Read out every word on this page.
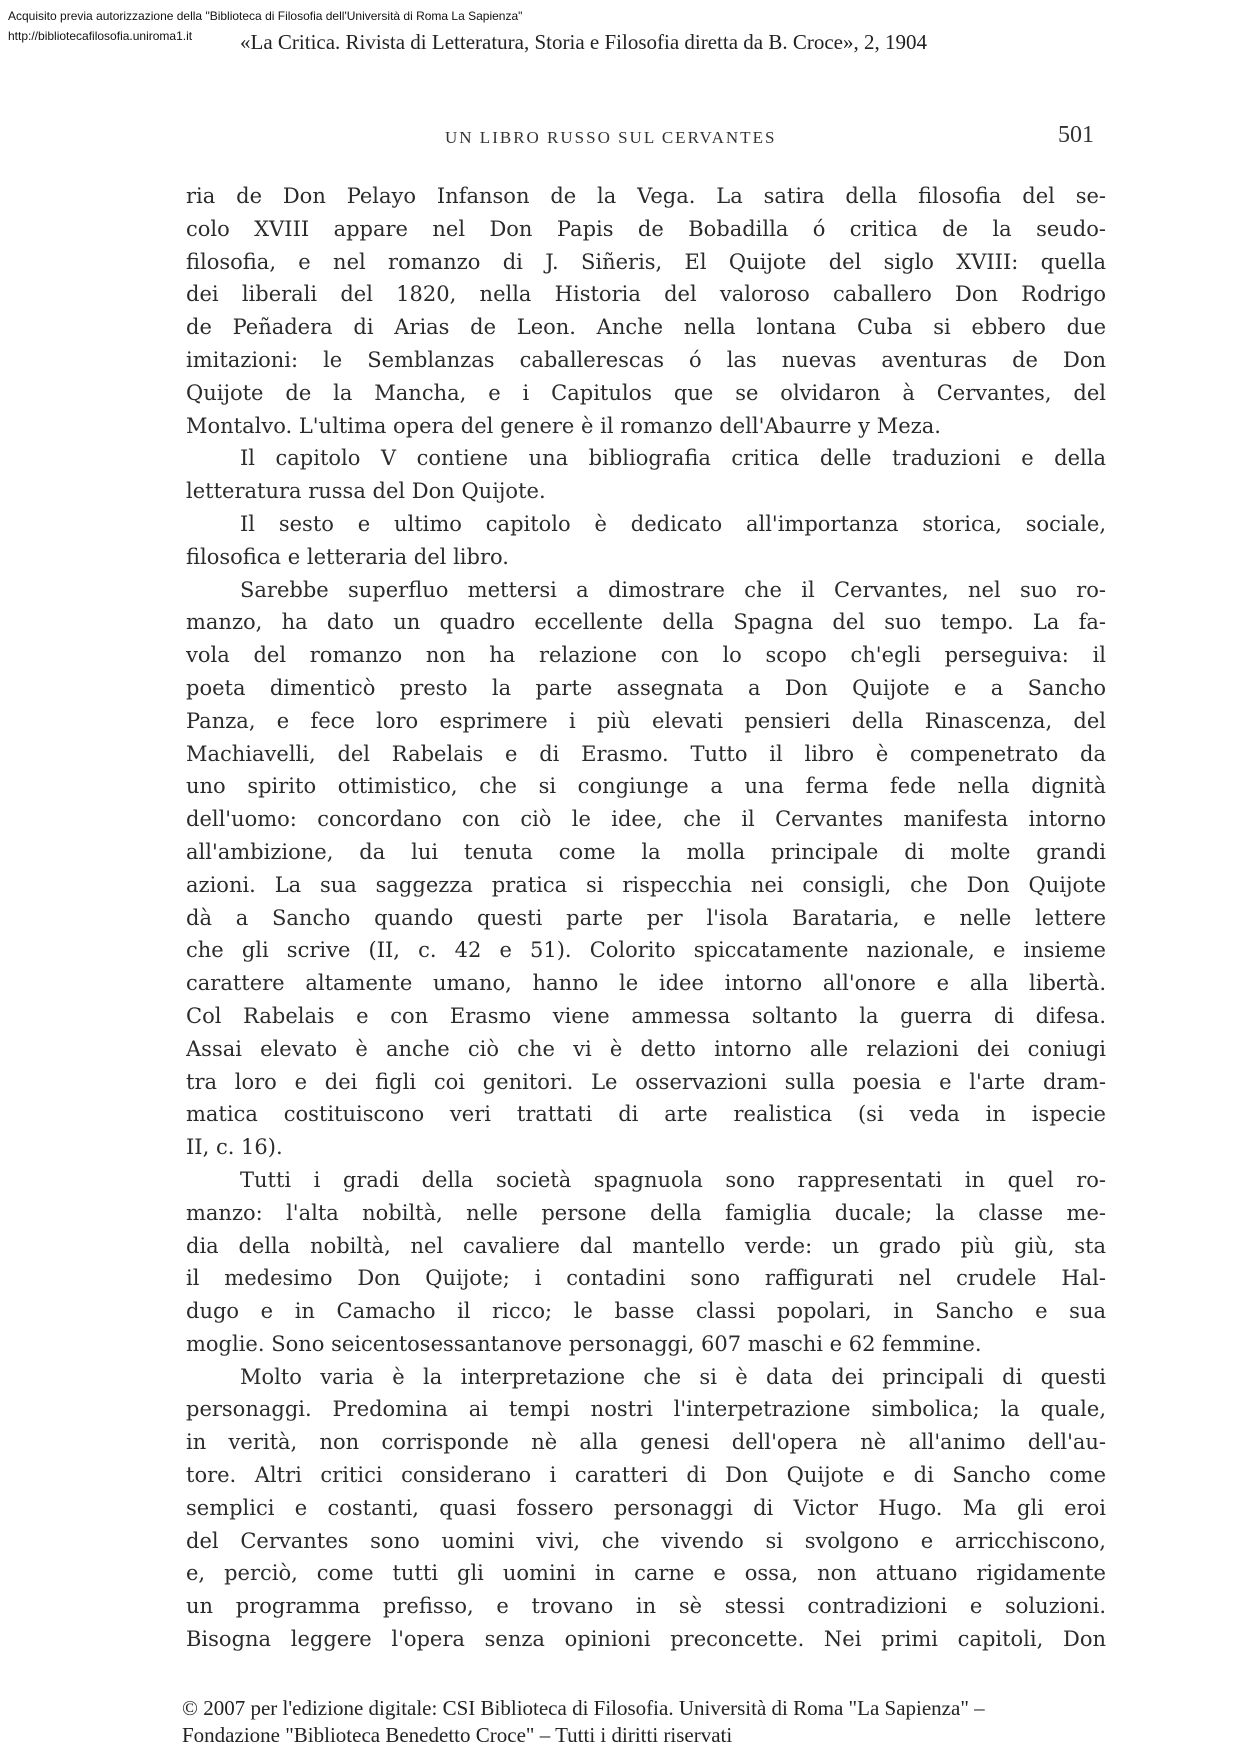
Acquisito previa autorizzazione della "Biblioteca di Filosofia dell'Università di Roma La Sapienza"
http://bibliotecafilosofia.uniroma1.it	«La Critica. Rivista di Letteratura, Storia e Filosofia diretta da B. Croce», 2, 1904
UN LIBRO RUSSO SUL CERVANTES	501
ria de Don Pelayo Infanson de la Vega. La satira della filosofia del se-
colo XVIII appare nel Don Papis de Bobadilla ó critica de la seudo-
filosofia, e nel romanzo di J. Siñeris, El Quijote del siglo XVIII: quella
dei liberali del 1820, nella Historia del valoroso caballero Don Rodrigo
de Peñadera di Arias de Leon. Anche nella lontana Cuba si ebbero due
imitazioni: le Semblanzas caballerescas ó las nuevas aventuras de Don
Quijote de la Mancha, e i Capitulos que se olvidaron à Cervantes, del
Montalvo. L'ultima opera del genere è il romanzo dell'Abaurre y Meza.
Il capitolo V contiene una bibliografia critica delle traduzioni e della
letteratura russa del Don Quijote.
Il sesto e ultimo capitolo è dedicato all'importanza storica, sociale,
filosofica e letteraria del libro.
Sarebbe superfluo mettersi a dimostrare che il Cervantes, nel suo ro-
manzo, ha dato un quadro eccellente della Spagna del suo tempo. La fa-
vola del romanzo non ha relazione con lo scopo ch'egli perseguiva: il
poeta dimenticò presto la parte assegnata a Don Quijote e a Sancho
Panza, e fece loro esprimere i più elevati pensieri della Rinascenza, del
Machiavelli, del Rabelais e di Erasmo. Tutto il libro è compenetrato da
uno spirito ottimistico, che si congiunge a una ferma fede nella dignità
dell'uomo: concordano con ciò le idee, che il Cervantes manifesta intorno
all'ambizione, da lui tenuta come la molla principale di molte grandi
azioni. La sua saggezza pratica si rispecchia nei consigli, che Don Quijote
dà a Sancho quando questi parte per l'isola Barataria, e nelle lettere
che gli scrive (II, c. 42 e 51). Colorito spiccatamente nazionale, e insieme
carattere altamente umano, hanno le idee intorno all'onore e alla libertà.
Col Rabelais e con Erasmo viene ammessa soltanto la guerra di difesa.
Assai elevato è anche ciò che vi è detto intorno alle relazioni dei coniugi
tra loro e dei figli coi genitori. Le osservazioni sulla poesia e l'arte dram-
matica costituiscono veri trattati di arte realistica (si veda in ispecie
II, c. 16).
Tutti i gradi della società spagnuola sono rappresentati in quel ro-
manzo: l'alta nobiltà, nelle persone della famiglia ducale; la classe me-
dia della nobiltà, nel cavaliere dal mantello verde: un grado più giù, sta
il medesimo Don Quijote; i contadini sono raffigurati nel crudele Hal-
dugo e in Camacho il ricco; le basse classi popolari, in Sancho e sua
moglie. Sono seicentosessantanove personaggi, 607 maschi e 62 femmine.
Molto varia è la interpretazione che si è data dei principali di questi
personaggi. Predomina ai tempi nostri l'interpetrazione simbolica; la quale,
in verità, non corrisponde nè alla genesi dell'opera nè all'animo dell'au-
tore. Altri critici considerano i caratteri di Don Quijote e di Sancho come
semplici e costanti, quasi fossero personaggi di Victor Hugo. Ma gli eroi
del Cervantes sono uomini vivi, che vivendo si svolgono e arricchiscono,
e, perciò, come tutti gli uomini in carne e ossa, non attuano rigidamente
un programma prefisso, e trovano in sè stessi contradizioni e soluzioni.
Bisogna leggere l'opera senza opinioni preconcette. Nei primi capitoli, Don
© 2007 per l'edizione digitale: CSI Biblioteca di Filosofia. Università di Roma "La Sapienza" –
Fondazione "Biblioteca Benedetto Croce" – Tutti i diritti riservati
